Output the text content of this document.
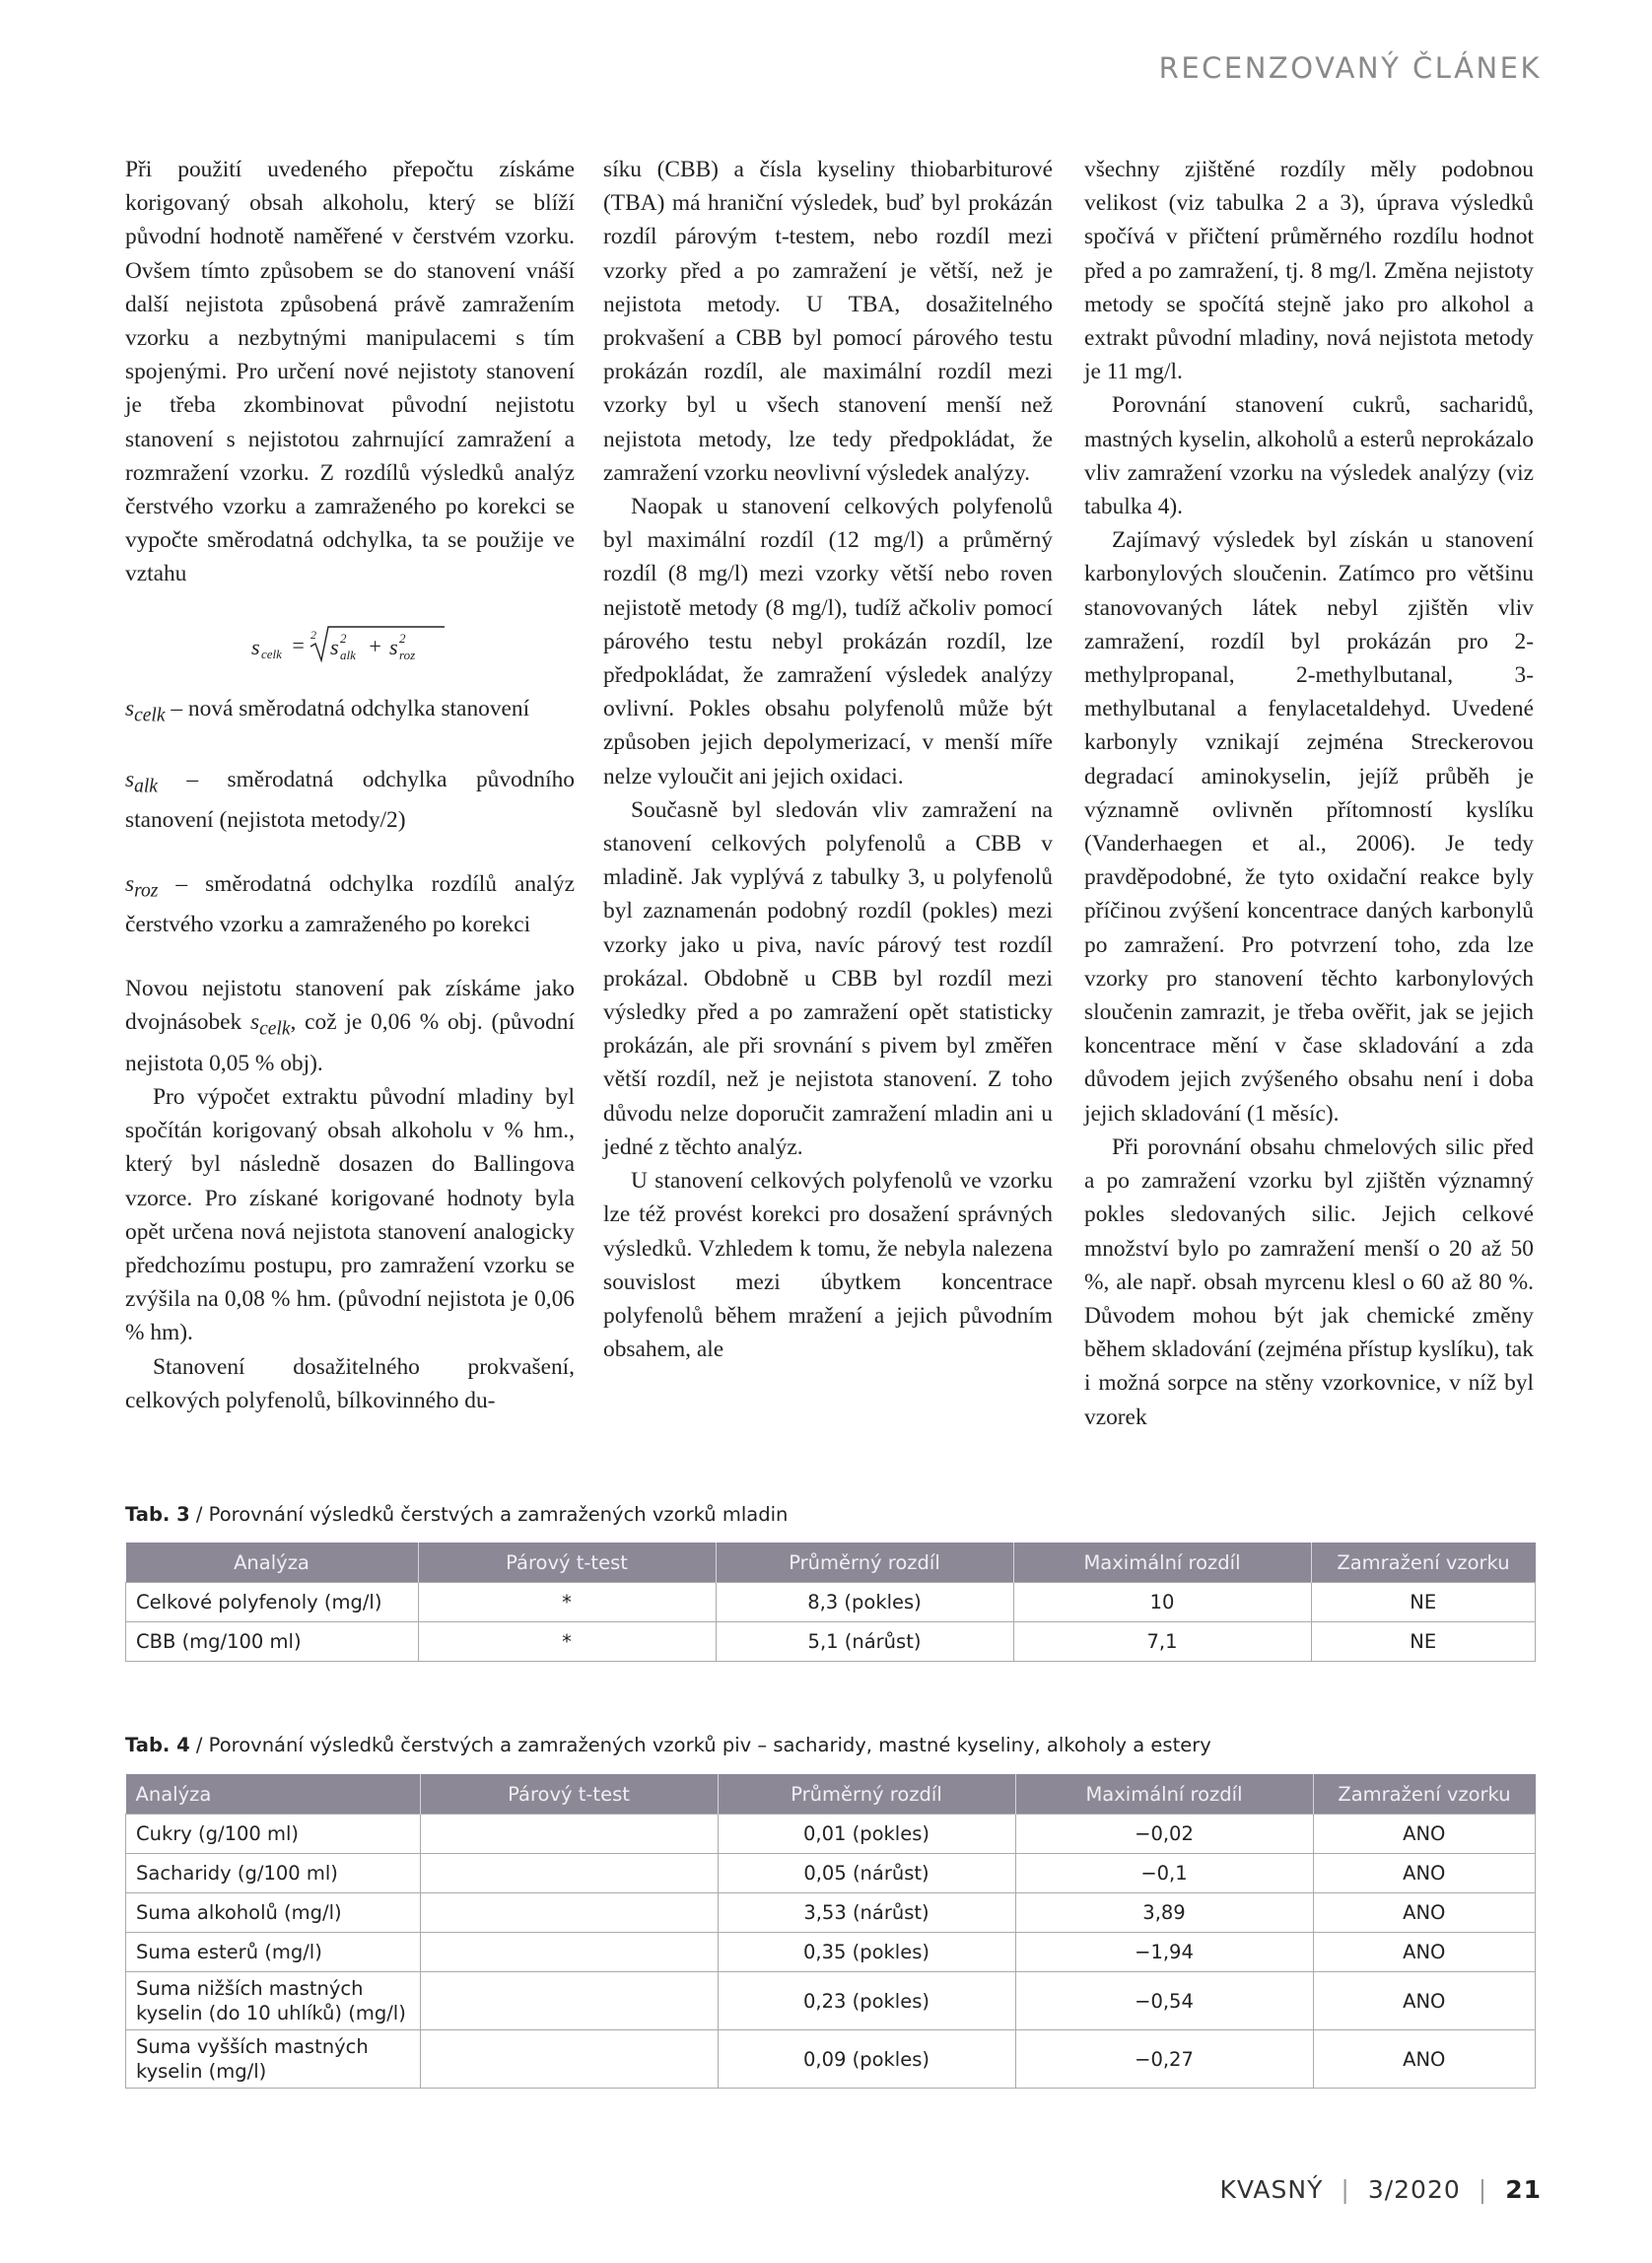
RECENZOVANÝ ČLÁNEK

Při použití uvedeného přepočtu získáme korigovaný obsah alkoholu, který se blíží původní hodnotě naměřené v čerstvém vzorku. Ovšem tímto způsobem se do stanovení vnáší další nejistota způsobená právě zamražením vzorku a nezbytnými manipulacemi s tím spojenými. Pro určení nové nejistoty stanovení je třeba zkombinovat původní nejistotu stanovení s nejistotou zahrnující zamražení a rozmražení vzorku. Z rozdílů výsledků analýz čerstvého vzorku a zamraženého po korekci se vypočte směrodatná odchylka, ta se použije ve vztahu

s celk = 2 s 2
alk + s 2
roz

$s_{celk}$ – nová směrodatná odchylka stanovení

$s_{alk}$ – směrodatná odchylka původního stanovení (nejistota metody/2)

$s_{roz}$ – směrodatná odchylka rozdílů analýz čerstvého vzorku a zamraženého po korekci

Novou nejistotu stanovení pak získáme jako dvojnásobek $s_{celk}$, což je 0,06 % obj. (původní nejistota 0,05 % obj).

Pro výpočet extraktu původní mladiny byl spočítán korigovaný obsah alkoholu v % hm., který byl následně dosazen do Ballingova vzorce. Pro získané korigované hodnoty byla opět určena nová nejistota stanovení analogicky předchozímu postupu, pro zamražení vzorku se zvýšila na 0,08 % hm. (původní nejistota je 0,06 % hm).

Stanovení dosažitelného prokvašení, celkových polyfenolů, bílkovinného du-

síku (CBB) a čísla kyseliny thiobarbiturové (TBA) má hraniční výsledek, buď byl prokázán rozdíl párovým t-testem, nebo rozdíl mezi vzorky před a po zamražení je větší, než je nejistota metody. U TBA, dosažitelného prokvašení a CBB byl pomocí párového testu prokázán rozdíl, ale maximální rozdíl mezi vzorky byl u všech stanovení menší než nejistota metody, lze tedy předpokládat, že zamražení vzorku neovlivní výsledek analýzy.

Naopak u stanovení celkových polyfenolů byl maximální rozdíl (12 mg/l) a průměrný rozdíl (8 mg/l) mezi vzorky větší nebo roven nejistotě metody (8 mg/l), tudíž ačkoliv pomocí párového testu nebyl prokázán rozdíl, lze předpokládat, že zamražení výsledek analýzy ovlivní. Pokles obsahu polyfenolů může být způsoben jejich depolymerizací, v menší míře nelze vyloučit ani jejich oxidaci.

Současně byl sledován vliv zamražení na stanovení celkových polyfenolů a CBB v mladině. Jak vyplývá z tabulky 3, u polyfenolů byl zaznamenán podobný rozdíl (pokles) mezi vzorky jako u piva, navíc párový test rozdíl prokázal. Obdobně u CBB byl rozdíl mezi výsledky před a po zamražení opět statisticky prokázán, ale při srovnání s pivem byl změřen větší rozdíl, než je nejistota stanovení. Z toho důvodu nelze doporučit zamražení mladin ani u jedné z těchto analýz.

U stanovení celkových polyfenolů ve vzorku lze též provést korekci pro dosažení správných výsledků. Vzhledem k tomu, že nebyla nalezena souvislost mezi úbytkem koncentrace polyfenolů během mražení a jejich původním obsahem, ale

všechny zjištěné rozdíly měly podobnou velikost (viz tabulka 2 a 3), úprava výsledků spočívá v přičtení průměrného rozdílu hodnot před a po zamražení, tj. 8 mg/l. Změna nejistoty metody se spočítá stejně jako pro alkohol a extrakt původní mladiny, nová nejistota metody je 11 mg/l.

Porovnání stanovení cukrů, sacharidů, mastných kyselin, alkoholů a esterů neprokázalo vliv zamražení vzorku na výsledek analýzy (viz tabulka 4).

Zajímavý výsledek byl získán u stanovení karbonylových sloučenin. Zatímco pro většinu stanovovaných látek nebyl zjištěn vliv zamražení, rozdíl byl prokázán pro 2-methylpropanal, 2-methylbutanal, 3-methylbutanal a fenylacetaldehyd. Uvedené karbonyly vznikají zejména Streckerovou degradací aminokyselin, jejíž průběh je významně ovlivněn přítomností kyslíku (Vanderhaegen et al., 2006). Je tedy pravděpodobné, že tyto oxidační reakce byly příčinou zvýšení koncentrace daných karbonylů po zamražení. Pro potvrzení toho, zda lze vzorky pro stanovení těchto karbonylových sloučenin zamrazit, je třeba ověřit, jak se jejich koncentrace mění v čase skladování a zda důvodem jejich zvýšeného obsahu není i doba jejich skladování (1 měsíc).

Při porovnání obsahu chmelových silic před a po zamražení vzorku byl zjištěn významný pokles sledovaných silic. Jejich celkové množství bylo po zamražení menší o 20 až 50 %, ale např. obsah myrcenu klesl o 60 až 80 %. Důvodem mohou být jak chemické změny během skladování (zejména přístup kyslíku), tak i možná sorpce na stěny vzorkovnice, v níž byl vzorek

Tab. 3 / Porovnání výsledků čerstvých a zamražených vzorků mladin
Analýza	Párový t-test	Průměrný rozdíl	Maximální rozdíl	Zamražení vzorku
Celkové polyfenoly (mg/l)	*	8,3 (pokles)	10	NE
CBB (mg/100 ml)	*	5,1 (nárůst)	7,1	NE
Tab. 4 / Porovnání výsledků čerstvých a zamražených vzorků piv – sacharidy, mastné kyseliny, alkoholy a estery
Analýza	Párový t-test	Průměrný rozdíl	Maximální rozdíl	Zamražení vzorku
Cukry (g/100 ml)		0,01 (pokles)	−0,02	ANO
Sacharidy (g/100 ml)		0,05 (nárůst)	−0,1	ANO
Suma alkoholů (mg/l)		3,53 (nárůst)	3,89	ANO
Suma esterů (mg/l)		0,35 (pokles)	−1,94	ANO
Suma nižších mastných kyselin (do 10 uhlíků) (mg/l)		0,23 (pokles)	−0,54	ANO
Suma vyšších mastných kyselin (mg/l)		0,09 (pokles)	−0,27	ANO
KVASNÝ | 3/2020 | 21
